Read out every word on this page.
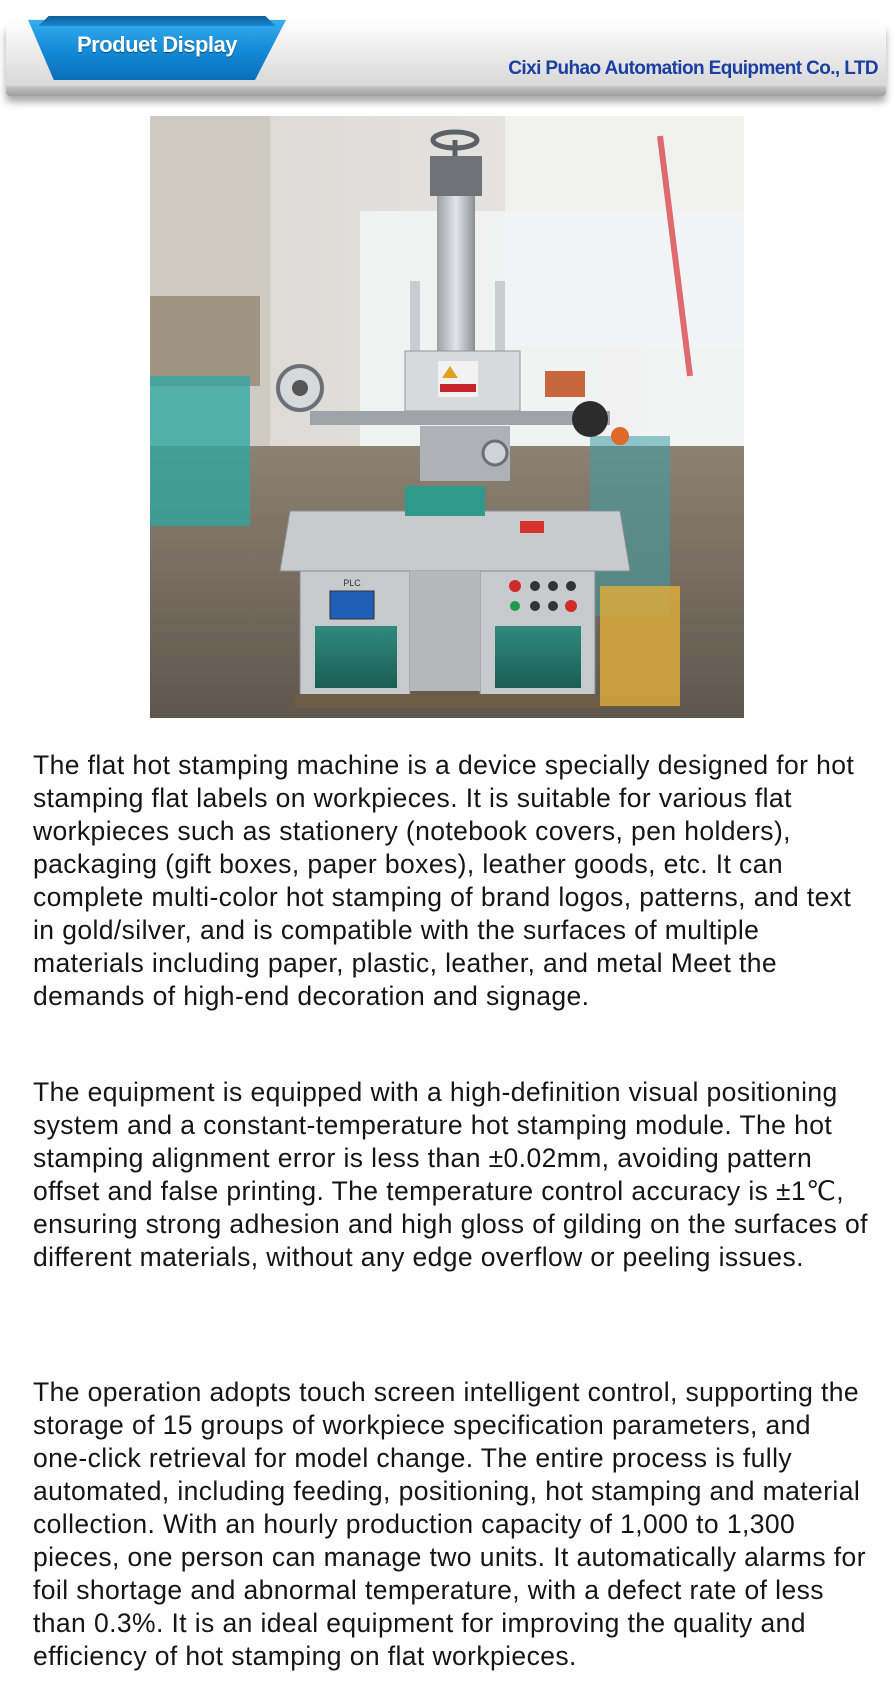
Produet Display
Cixi Puhao Automation Equipment Co., LTD
PLC

The flat hot stamping machine is a device specially designed for hot stamping flat labels on workpieces. It is suitable for various flat workpieces such as stationery (notebook covers, pen holders), packaging (gift boxes, paper boxes), leather goods, etc. It can complete multi-color hot stamping of brand logos, patterns, and text in gold/silver, and is compatible with the surfaces of multiple materials including paper, plastic, leather, and metal Meet the demands of high-end decoration and signage.

The equipment is equipped with a high-definition visual positioning system and a constant-temperature hot stamping module. The hot stamping alignment error is less than ±0.02mm, avoiding pattern offset and false printing. The temperature control accuracy is ±1℃, ensuring strong adhesion and high gloss of gilding on the surfaces of different materials, without any edge overflow or peeling issues.

The operation adopts touch screen intelligent control, supporting the storage of 15 groups of workpiece specification parameters, and one-click retrieval for model change. The entire process is fully automated, including feeding, positioning, hot stamping and material collection. With an hourly production capacity of 1,000 to 1,300 pieces, one person can manage two units. It automatically alarms for foil shortage and abnormal temperature, with a defect rate of less than 0.3%. It is an ideal equipment for improving the quality and efficiency of hot stamping on flat workpieces.
